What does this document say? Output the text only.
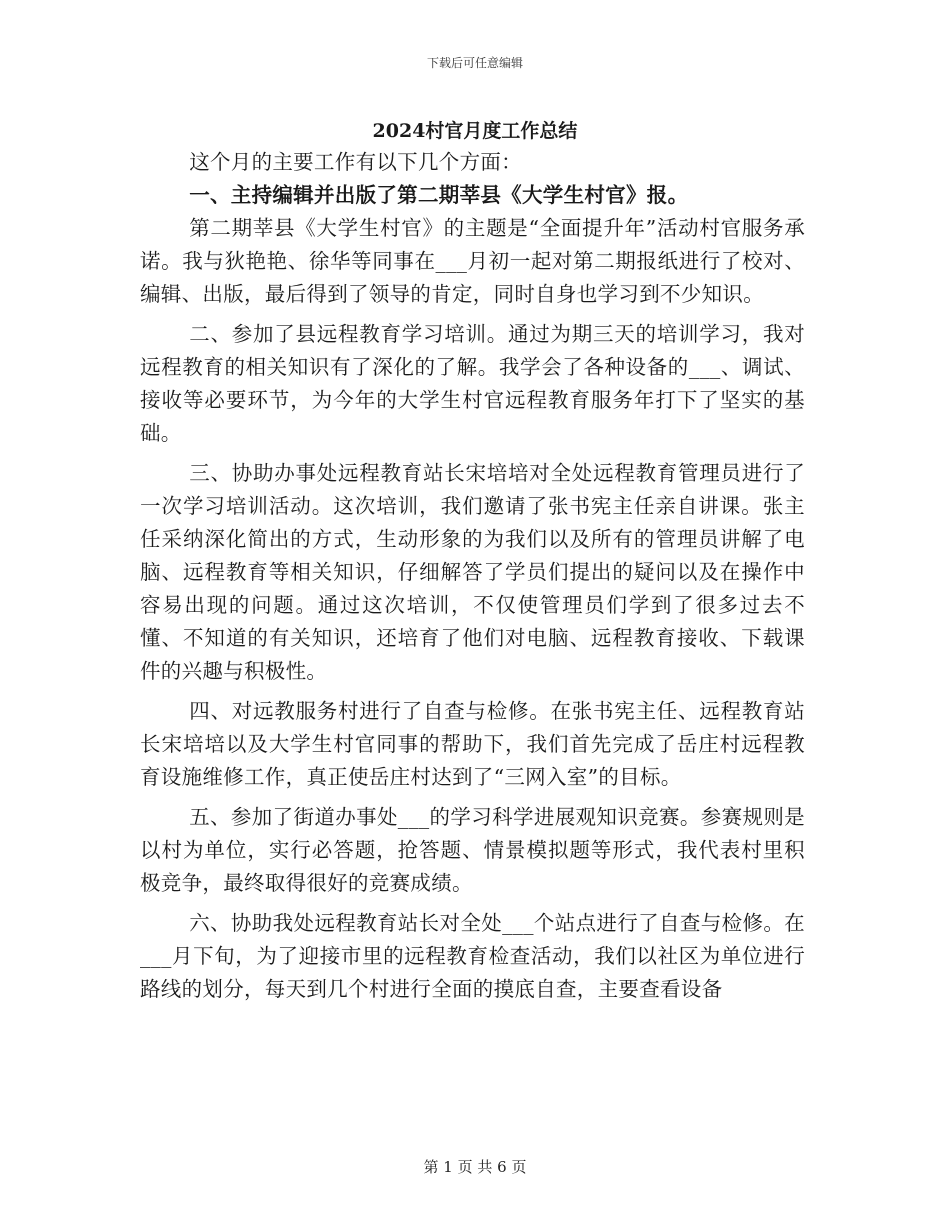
下载后可任意编辑
2024村官月度工作总结

这个月的主要工作有以下几个方面：

一、主持编辑并出版了第二期莘县《大学生村官》报。

第二期莘县《大学生村官》的主题是“全面提升年”活动村官服务承诺。我与狄艳艳、徐华等同事在___月初一起对第二期报纸进行了校对、编辑、出版，最后得到了领导的肯定，同时自身也学习到不少知识。

二、参加了县远程教育学习培训。通过为期三天的培训学习，我对远程教育的相关知识有了深化的了解。我学会了各种设备的___、调试、接收等必要环节，为今年的大学生村官远程教育服务年打下了坚实的基础。

三、协助办事处远程教育站长宋培培对全处远程教育管理员进行了一次学习培训活动。这次培训，我们邀请了张书宪主任亲自讲课。张主任采纳深化简出的方式，生动形象的为我们以及所有的管理员讲解了电脑、远程教育等相关知识，仔细解答了学员们提出的疑问以及在操作中容易出现的问题。通过这次培训，不仅使管理员们学到了很多过去不懂、不知道的有关知识，还培育了他们对电脑、远程教育接收、下载课件的兴趣与积极性。

四、对远教服务村进行了自查与检修。在张书宪主任、远程教育站长宋培培以及大学生村官同事的帮助下，我们首先完成了岳庄村远程教育设施维修工作，真正使岳庄村达到了“三网入室”的目标。

五、参加了街道办事处___的学习科学进展观知识竞赛。参赛规则是以村为单位，实行必答题，抢答题、情景模拟题等形式，我代表村里积极竞争，最终取得很好的竞赛成绩。

六、协助我处远程教育站长对全处___个站点进行了自查与检修。在___月下旬，为了迎接市里的远程教育检查活动，我们以社区为单位进行路线的划分，每天到几个村进行全面的摸底自查，主要查看设备

第 1 页 共 6 页
